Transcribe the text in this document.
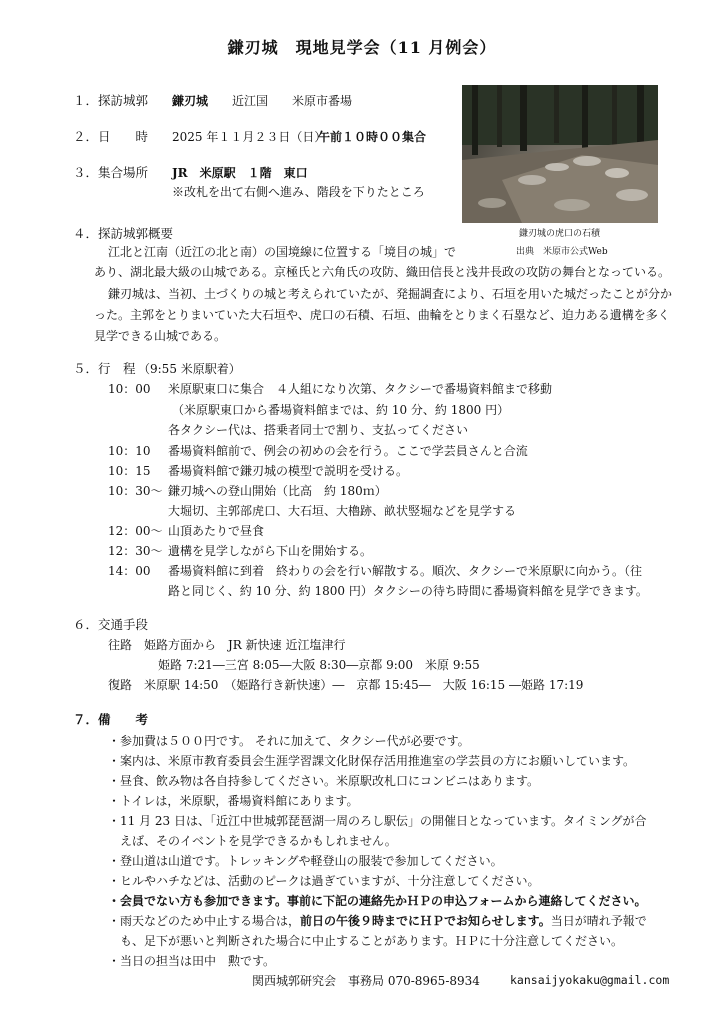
鎌刃城　現地見学会（11 月例会）
１．探訪城郭 鎌刃城 近江国 米原市番場
２．日　　時 2025 年１１月２３日（日）
午前１０時００集合
３．集合場所 JR　米原駅　１階　東口
※改札を出て右側へ進み、階段を下りたところ
鎌刃城の虎口の石積
出典　米原市公式Web
４．探訪城郭概要
江北と江南（近江の北と南）の国境線に位置する「境目の城」で
あり、湖北最大級の山城である。京極氏と六角氏の攻防、織田信長と浅井長政の攻防の舞台となっている。
鎌刃城は、当初、土づくりの城と考えられていたが、発掘調査により、石垣を用いた城だったことが分か
った。主郭をとりまいていた大石垣や、虎口の石積、石垣、曲輪をとりまく石塁など、迫力ある遺構を多く
見学できる山城である。
５．行　程 （9:55 米原駅着）
10：00 米原駅東口に集合　４人組になり次第、タクシーで番場資料館まで移動
（米原駅東口から番場資料館までは、約 10 分、約 1800 円）
各タクシー代は、搭乗者同士で割り、支払ってください
10：10 番場資料館前で、例会の初めの会を行う。ここで学芸員さんと合流
10：15 番場資料館で鎌刃城の模型で説明を受ける。
10：30～ 鎌刃城への登山開始（比高　約 180ｍ）
大堀切、主郭部虎口、大石垣、大櫓跡、畝状竪堀などを見学する
12：00～ 山頂あたりで昼食
12：30～ 遺構を見学しながら下山を開始する。
14：00 番場資料館に到着　終わりの会を行い解散する。順次、タクシーで米原駅に向かう。（往
路と同じく、約 10 分、約 1800 円）タクシーの待ち時間に番場資料館を見学できます。
６．交通手段
往路　姫路方面から　JR 新快速 近江塩津行
姫路 7:21―三宮 8:05―大阪 8:30―京都 9:00　米原 9:55
復路　米原駅 14:50　（姫路行き新快速）―　京都 15:45―　大阪 16:15 ―姫路 17:19
７．備　　考
・参加費は５００円です。 それに加えて、タクシー代が必要です。
・案内は、米原市教育委員会生涯学習課文化財保存活用推進室の学芸員の方にお願いしています。
・昼食、飲み物は各自持参してください。米原駅改札口にコンビニはあります。
・トイレは，米原駅，番場資料館にあります。
・11 月 23 日は、「近江中世城郭琵琶湖一周のろし駅伝」の開催日となっています。タイミングが合
えば、そのイベントを見学できるかもしれません。
・登山道は山道です。トレッキングや軽登山の服装で参加してください。
・ヒルやハチなどは、活動のピークは過ぎていますが、十分注意してください。
・会員でない方も参加できます。事前に下記の連絡先かＨＰの申込フォームから連絡してください。
・雨天などのため中止する場合は，前日の午後９時までにＨＰでお知らせします。当日が晴れ予報で
も、足下が悪いと判断された場合に中止することがあります。ＨＰに十分注意してください。
・当日の担当は田中　勲です。
関西城郭研究会　事務局 070-8965-8934	kansaijyokaku@gmail.com
